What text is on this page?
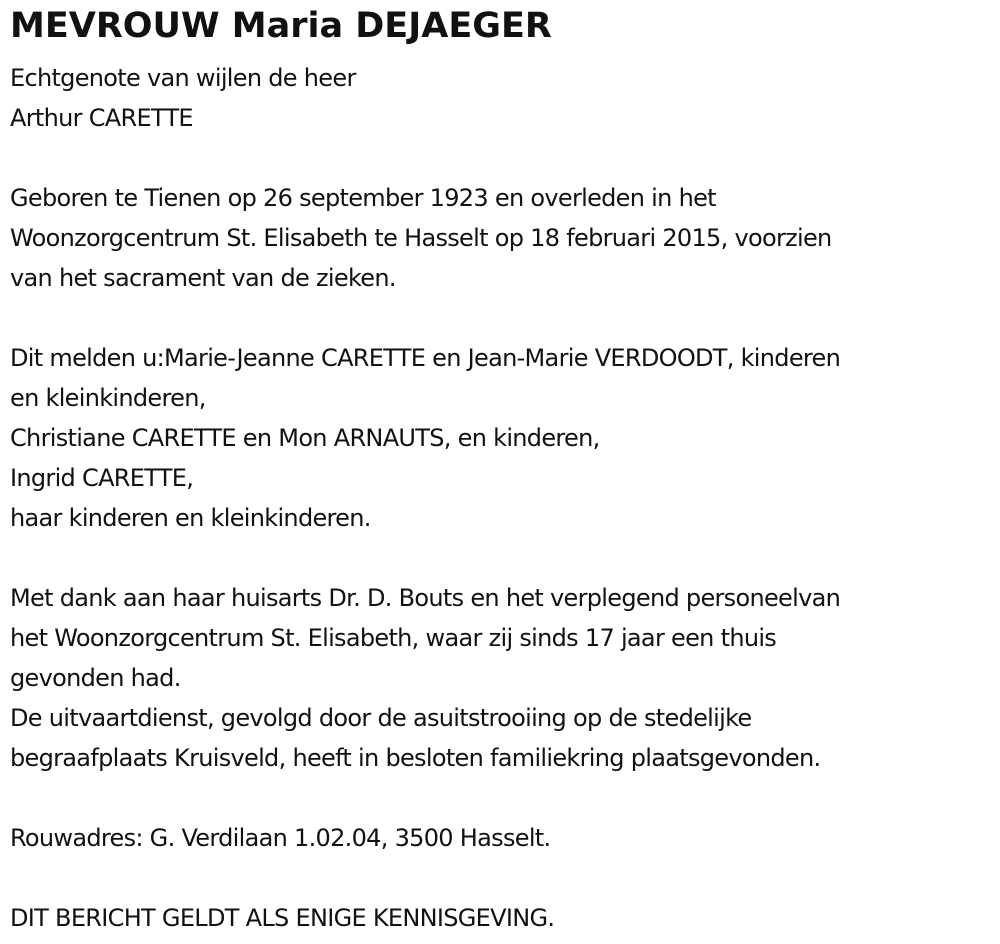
MEVROUW Maria DEJAEGER

Echtgenote van wijlen de heer
Arthur CARETTE

Geboren te Tienen op 26 september 1923 en overleden in het
Woonzorgcentrum St. Elisabeth te Hasselt op 18 februari 2015, voorzien
van het sacrament van de zieken.

Dit melden u:Marie-Jeanne CARETTE en Jean-Marie VERDOODT, kinderen
en kleinkinderen,
Christiane CARETTE en Mon ARNAUTS, en kinderen,
Ingrid CARETTE,
haar kinderen en kleinkinderen.

Met dank aan haar huisarts Dr. D. Bouts en het verplegend personeelvan
het Woonzorgcentrum St. Elisabeth, waar zij sinds 17 jaar een thuis
gevonden had.
De uitvaartdienst, gevolgd door de asuitstrooiing op de stedelijke
begraafplaats Kruisveld, heeft in besloten familiekring plaatsgevonden.

Rouwadres: G. Verdilaan 1.02.04, 3500 Hasselt.

DIT BERICHT GELDT ALS ENIGE KENNISGEVING.
